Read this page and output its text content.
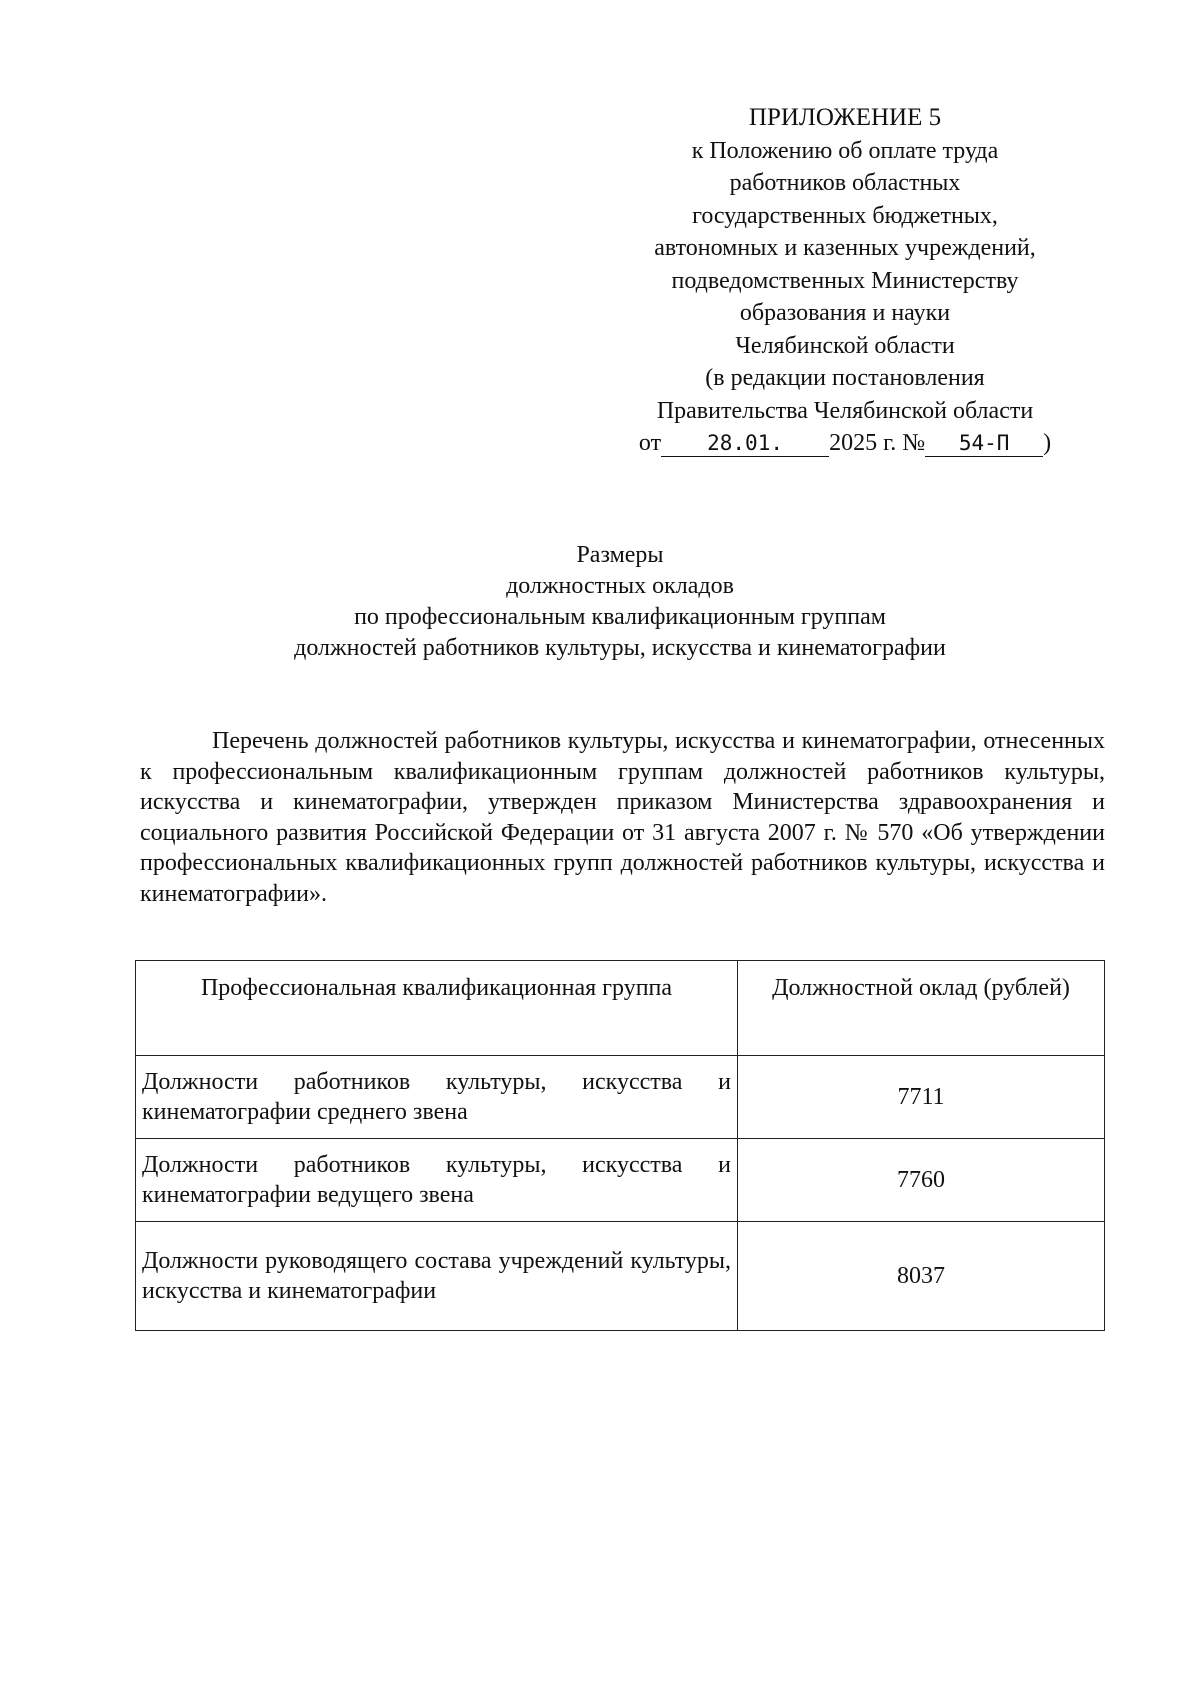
ПРИЛОЖЕНИЕ 5
к Положению об оплате труда
работников областных
государственных бюджетных,
автономных и казенных учреждений,
подведомственных Министерству
образования и науки
Челябинской области
(в редакции постановления
Правительства Челябинской области
от 28.01. 2025 г. № 54-П )
Размеры
должностных окладов
по профессиональным квалификационным группам
должностей работников культуры, искусства и кинематографии

Перечень должностей работников культуры, искусства и кинематографии, отнесенных к профессиональным квалификационным группам должностей работников культуры, искусства и кинематографии, утвержден приказом Министерства здравоохранения и социального развития Российской Федерации от 31 августа 2007 г. № 570 «Об утверждении профессиональных квалификационных групп должностей работников культуры, искусства и кинематографии».

Профессиональная квалификационная группа	Должностной оклад (рублей)
Должности работников культуры, искусства и кинематографии среднего звена	7711
Должности работников культуры, искусства и кинематографии ведущего звена	7760
Должности руководящего состава учреждений культуры, искусства и кинематографии	8037
